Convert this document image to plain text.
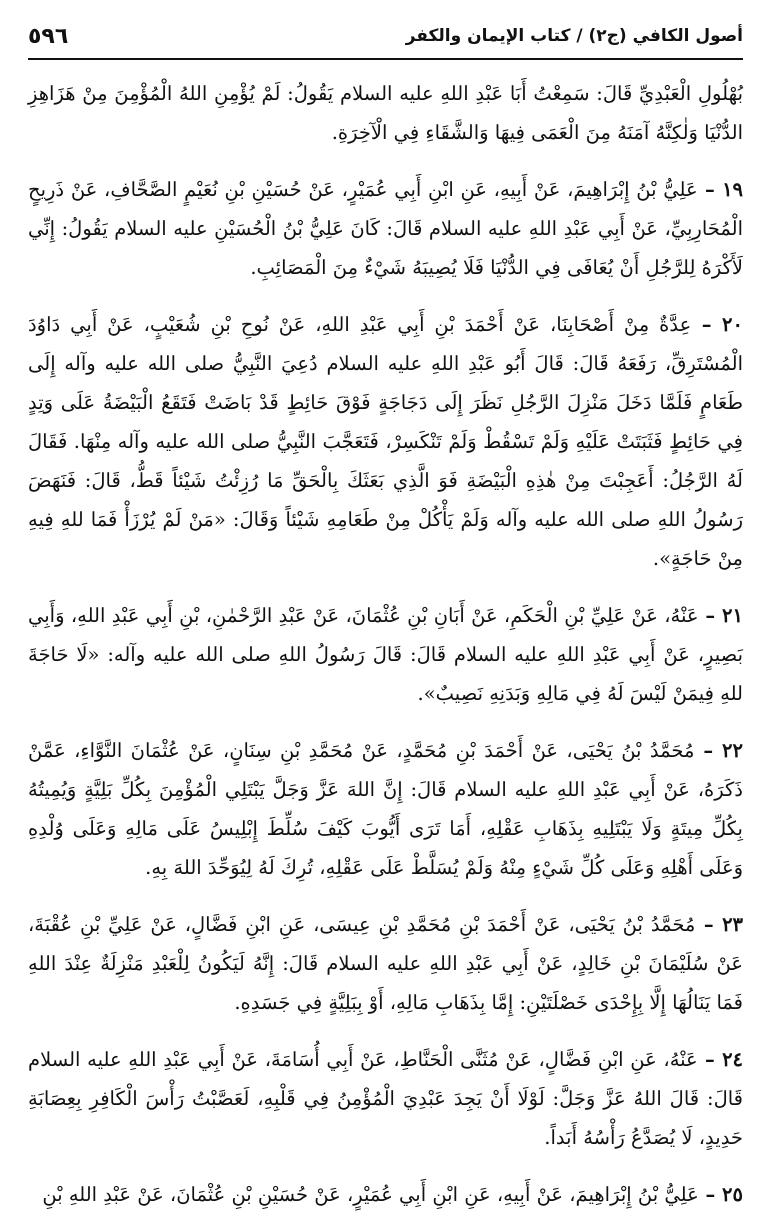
أصول الكافي (ج٢) / كتاب الإيمان والكفر
٥٩٦

بُهْلُولِ الْعَبْدِيِّ قَالَ: سَمِعْتُ أَبَا عَبْدِ اللهِ عليه السلام يَقُولُ: لَمْ يُؤْمِنِ اللهُ الْمُؤْمِنَ مِنْ هَزَاهِزِ الدُّنْيَا وَلٰكِنَّهُ آمَنَهُ مِنَ الْعَمَى فِيهَا وَالشَّقَاءِ فِي الْآخِرَةِ.

١٩ – عَلِيُّ بْنُ إِبْرَاهِيمَ، عَنْ أَبِيهِ، عَنِ ابْنِ أَبِي عُمَيْرٍ، عَنْ حُسَيْنِ بْنِ نُعَيْمٍ الصَّحَّافِ، عَنْ ذَرِيحٍ الْمُحَارِبِيِّ، عَنْ أَبِي عَبْدِ اللهِ عليه السلام قَالَ: كَانَ عَلِيُّ بْنُ الْحُسَيْنِ عليه السلام يَقُولُ: إِنِّي لَأَكْرَهُ لِلرَّجُلِ أَنْ يُعَافَى فِي الدُّنْيَا فَلَا يُصِيبَهُ شَيْءٌ مِنَ الْمَصَائِبِ.

٢٠ – عِدَّةٌ مِنْ أَصْحَابِنَا، عَنْ أَحْمَدَ بْنِ أَبِي عَبْدِ اللهِ، عَنْ نُوحِ بْنِ شُعَيْبٍ، عَنْ أَبِي دَاوُدَ الْمُسْتَرِقِّ، رَفَعَهُ قَالَ: قَالَ أَبُو عَبْدِ اللهِ عليه السلام دُعِيَ النَّبِيُّ صلى الله عليه وآله إِلَى طَعَامٍ فَلَمَّا دَخَلَ مَنْزِلَ الرَّجُلِ نَظَرَ إِلَى دَجَاجَةٍ فَوْقَ حَائِطٍ قَدْ بَاضَتْ فَتَقَعُ الْبَيْضَةُ عَلَى وَتِدٍ فِي حَائِطٍ فَثَبَتَتْ عَلَيْهِ وَلَمْ تَسْقُطْ وَلَمْ تَنْكَسِرْ، فَتَعَجَّبَ النَّبِيُّ صلى الله عليه وآله مِنْهَا. فَقَالَ لَهُ الرَّجُلُ: أَعَجِبْتَ مِنْ هٰذِهِ الْبَيْضَةِ فَوَ الَّذِي بَعَثَكَ بِالْحَقِّ مَا رُزِئْتُ شَيْئاً قَطُّ، قَالَ: فَنَهَضَ رَسُولُ اللهِ صلى الله عليه وآله وَلَمْ يَأْكُلْ مِنْ طَعَامِهِ شَيْئاً وَقَالَ: «مَنْ لَمْ يُرْزَأْ فَمَا للهِ فِيهِ مِنْ حَاجَةٍ».

٢١ – عَنْهُ، عَنْ عَلِيِّ بْنِ الْحَكَمِ، عَنْ أَبَانِ بْنِ عُثْمَانَ، عَنْ عَبْدِ الرَّحْمٰنِ، بْنِ أَبِي عَبْدِ اللهِ، وَأَبِي بَصِيرٍ، عَنْ أَبِي عَبْدِ اللهِ عليه السلام قَالَ: قَالَ رَسُولُ اللهِ صلى الله عليه وآله: «لَا حَاجَةَ للهِ فِيمَنْ لَيْسَ لَهُ فِي مَالِهِ وَبَدَنِهِ نَصِيبٌ».

٢٢ – مُحَمَّدُ بْنُ يَحْيَى، عَنْ أَحْمَدَ بْنِ مُحَمَّدٍ، عَنْ مُحَمَّدِ بْنِ سِنَانٍ، عَنْ عُثْمَانَ النَّوَّاءِ، عَمَّنْ ذَكَرَهُ، عَنْ أَبِي عَبْدِ اللهِ عليه السلام قَالَ: إِنَّ اللهَ عَزَّ وَجَلَّ يَبْتَلِي الْمُؤْمِنَ بِكُلِّ بَلِيَّةٍ وَيُمِيتُهُ بِكُلِّ مِيتَةٍ وَلَا يَبْتَلِيهِ بِذَهَابِ عَقْلِهِ، أَمَا تَرَى أَيُّوبَ كَيْفَ سُلِّطَ إِبْلِيسُ عَلَى مَالِهِ وَعَلَى وُلْدِهِ وَعَلَى أَهْلِهِ وَعَلَى كُلِّ شَيْءٍ مِنْهُ وَلَمْ يُسَلَّطْ عَلَى عَقْلِهِ، تُرِكَ لَهُ لِيُوَحِّدَ اللهَ بِهِ.

٢٣ – مُحَمَّدُ بْنُ يَحْيَى، عَنْ أَحْمَدَ بْنِ مُحَمَّدِ بْنِ عِيسَى، عَنِ ابْنِ فَضَّالٍ، عَنْ عَلِيِّ بْنِ عُقْبَةَ، عَنْ سُلَيْمَانَ بْنِ خَالِدٍ، عَنْ أَبِي عَبْدِ اللهِ عليه السلام قَالَ: إِنَّهُ لَيَكُونُ لِلْعَبْدِ مَنْزِلَةٌ عِنْدَ اللهِ فَمَا يَنَالُهَا إِلَّا بِإِحْدَى خَصْلَتَيْنِ: إِمَّا بِذَهَابِ مَالِهِ، أَوْ بِبَلِيَّةٍ فِي جَسَدِهِ.

٢٤ – عَنْهُ، عَنِ ابْنِ فَضَّالٍ، عَنْ مُثَنَّى الْحَنَّاطِ، عَنْ أَبِي أُسَامَةَ، عَنْ أَبِي عَبْدِ اللهِ عليه السلام قَالَ: قَالَ اللهُ عَزَّ وَجَلَّ: لَوْلَا أَنْ يَجِدَ عَبْدِيَ الْمُؤْمِنُ فِي قَلْبِهِ، لَعَصَّبْتُ رَأْسَ الْكَافِرِ بِعِصَابَةِ حَدِيدٍ، لَا يُصَدَّعُ رَأْسُهُ أَبَداً.

٢٥ – عَلِيُّ بْنُ إِبْرَاهِيمَ، عَنْ أَبِيهِ، عَنِ ابْنِ أَبِي عُمَيْرٍ، عَنْ حُسَيْنِ بْنِ عُثْمَانَ، عَنْ عَبْدِ اللهِ بْنِ
